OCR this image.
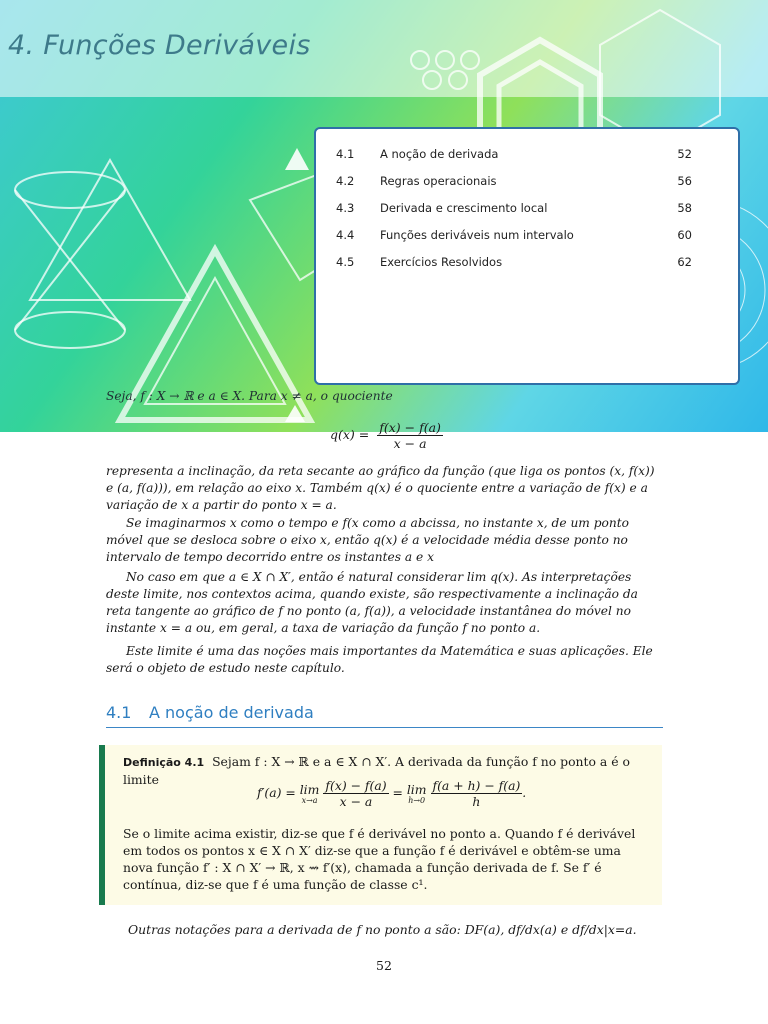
4. Funções Deriváveis
4.1 A noção de derivada	52
4.2 Regras operacionais	56
4.3 Derivada e crescimento local	58
4.4 Funções deriváveis num intervalo	60
4.5 Exercícios Resolvidos	62

Seja, f : X → ℝ e a ∈ X. Para x ≠ a, o quociente

$q(x) = \frac{f(x) - f(a)}{x - a}$

representa a inclinação, da reta secante ao gráfico da função (que liga os pontos (x, f(x)) e (a, f(a))), em relação ao eixo x. Também q(x) é o quociente entre a variação de f(x) e a variação de x a partir do ponto x = a.

Se imaginarmos x como o tempo e f(x como a abcissa, no instante x, de um ponto móvel que se desloca sobre o eixo x, então q(x) é a velocidade média desse ponto no intervalo de tempo decorrido entre os instantes a e x

No caso em que a ∈ X ∩ X′, então é natural considerar lim q(x). As interpretações deste limite, nos contextos acima, quando existe, são respectivamente a inclinação da reta tangente ao gráfico de f no ponto (a, f(a)), a velocidade instantânea do móvel no instante x = a ou, em geral, a taxa de variação da função f no ponto a.

Este limite é uma das noções mais importantes da Matemática e suas aplicações. Ele será o objeto de estudo neste capítulo.

4.1 A noção de derivada

Definição 4.1 Sejam f : X → ℝ e a ∈ X ∩ X′. A derivada da função f no ponto a é o limite

f′(a) = lim
$x\to a \frac{f(x) - f(a)}{x - a} = \lim$
$h\to 0 \frac{f(a + h) - f(a)}{h}$ .

Se o limite acima existir, diz-se que f é derivável no ponto a. Quando f é derivável em todos os pontos x ∈ X ∩ X′ diz-se que a função f é derivável e obtêm-se uma nova função f′ : X ∩ X′ → ℝ, x ⇝ f′(x), chamada a função derivada de f. Se f′ é contínua, diz-se que f é uma função de classe c¹.

Outras notações para a derivada de f no ponto a são: DF(a), df/dx(a) e df/dx|x=a.

52
